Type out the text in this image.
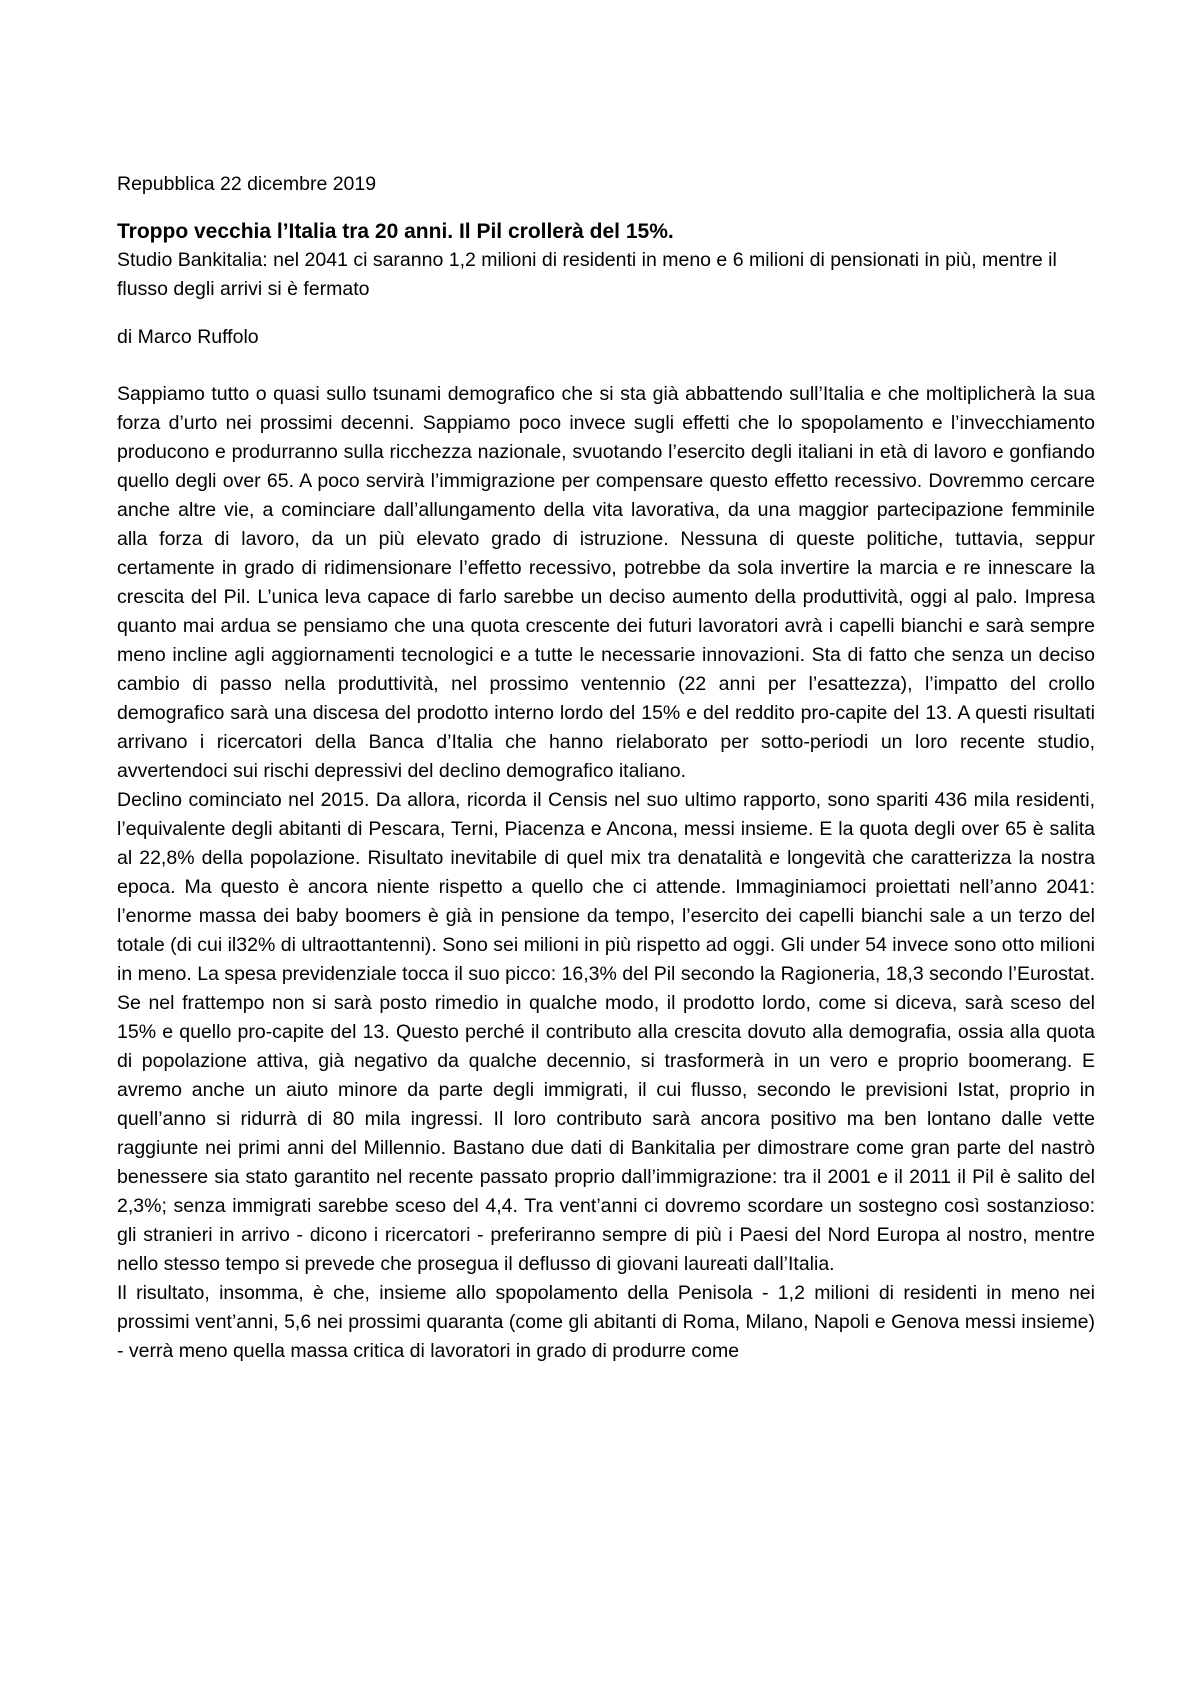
Repubblica 22 dicembre 2019

Troppo vecchia l’Italia tra 20 anni. Il Pil crollerà del 15%.

Studio Bankitalia: nel 2041 ci saranno 1,2 milioni di residenti in meno e 6 milioni di pensionati in più, mentre il flusso degli arrivi si è fermato

di Marco Ruffolo

Sappiamo tutto o quasi sullo tsunami demografico che si sta già abbattendo sull’Italia e che moltiplicherà la sua forza d’urto nei prossimi decenni. Sappiamo poco invece sugli effetti che lo spopolamento e l’invecchiamento producono e produrranno sulla ricchezza nazionale, svuotando l’esercito degli italiani in età di lavoro e gonfiando quello degli over 65. A poco servirà l’immigrazione per compensare questo effetto recessivo. Dovremmo cercare anche altre vie, a cominciare dall’allungamento della vita lavorativa, da una maggior partecipazione femminile alla forza di lavoro, da un più elevato grado di istruzione. Nessuna di queste politiche, tuttavia, seppur certamente in grado di ridimensionare l’effetto recessivo, potrebbe da sola invertire la marcia e re innescare la crescita del Pil. L’unica leva capace di farlo sarebbe un deciso aumento della produttività, oggi al palo. Impresa quanto mai ardua se pensiamo che una quota crescente dei futuri lavoratori avrà i capelli bianchi e sarà sempre meno incline agli aggiornamenti tecnologici e a tutte le necessarie innovazioni. Sta di fatto che senza un deciso cambio di passo nella produttività, nel prossimo ventennio (22 anni per l’esattezza), l’impatto del crollo demografico sarà una discesa del prodotto interno lordo del 15% e del reddito pro-capite del 13. A questi risultati arrivano i ricercatori della Banca d’Italia che hanno rielaborato per sotto-periodi un loro recente studio, avvertendoci sui rischi depressivi del declino demografico italiano.

Declino cominciato nel 2015. Da allora, ricorda il Censis nel suo ultimo rapporto, sono spariti 436 mila residenti, l’equivalente degli abitanti di Pescara, Terni, Piacenza e Ancona, messi insieme. E la quota degli over 65 è salita al 22,8% della popolazione. Risultato inevitabile di quel mix tra denatalità e longevità che caratterizza la nostra epoca. Ma questo è ancora niente rispetto a quello che ci attende. Immaginiamoci proiettati nell’anno 2041: l’enorme massa dei baby boomers è già in pensione da tempo, l’esercito dei capelli bianchi sale a un terzo del totale (di cui il32% di ultraottantenni). Sono sei milioni in più rispetto ad oggi. Gli under 54 invece sono otto milioni in meno. La spesa previdenziale tocca il suo picco: 16,3% del Pil secondo la Ragioneria, 18,3 secondo l’Eurostat. Se nel frattempo non si sarà posto rimedio in qualche modo, il prodotto lordo, come si diceva, sarà sceso del 15% e quello pro-capite del 13. Questo perché il contributo alla crescita dovuto alla demografia, ossia alla quota di popolazione attiva, già negativo da qualche decennio, si trasformerà in un vero e proprio boomerang. E avremo anche un aiuto minore da parte degli immigrati, il cui flusso, secondo le previsioni Istat, proprio in quell’anno si ridurrà di 80 mila ingressi. Il loro contributo sarà ancora positivo ma ben lontano dalle vette raggiunte nei primi anni del Millennio. Bastano due dati di Bankitalia per dimostrare come gran parte del nastrò benessere sia stato garantito nel recente passato proprio dall’immigrazione: tra il 2001 e il 2011 il Pil è salito del 2,3%; senza immigrati sarebbe sceso del 4,4. Tra vent’anni ci dovremo scordare un sostegno così sostanzioso: gli stranieri in arrivo - dicono i ricercatori - preferiranno sempre di più i Paesi del Nord Europa al nostro, mentre nello stesso tempo si prevede che prosegua il deflusso di giovani laureati dall’Italia.

Il risultato, insomma, è che, insieme allo spopolamento della Penisola - 1,2 milioni di residenti in meno nei prossimi vent’anni, 5,6 nei prossimi quaranta (come gli abitanti di Roma, Milano, Napoli e Genova messi insieme) - verrà meno quella massa critica di lavoratori in grado di produrre come
